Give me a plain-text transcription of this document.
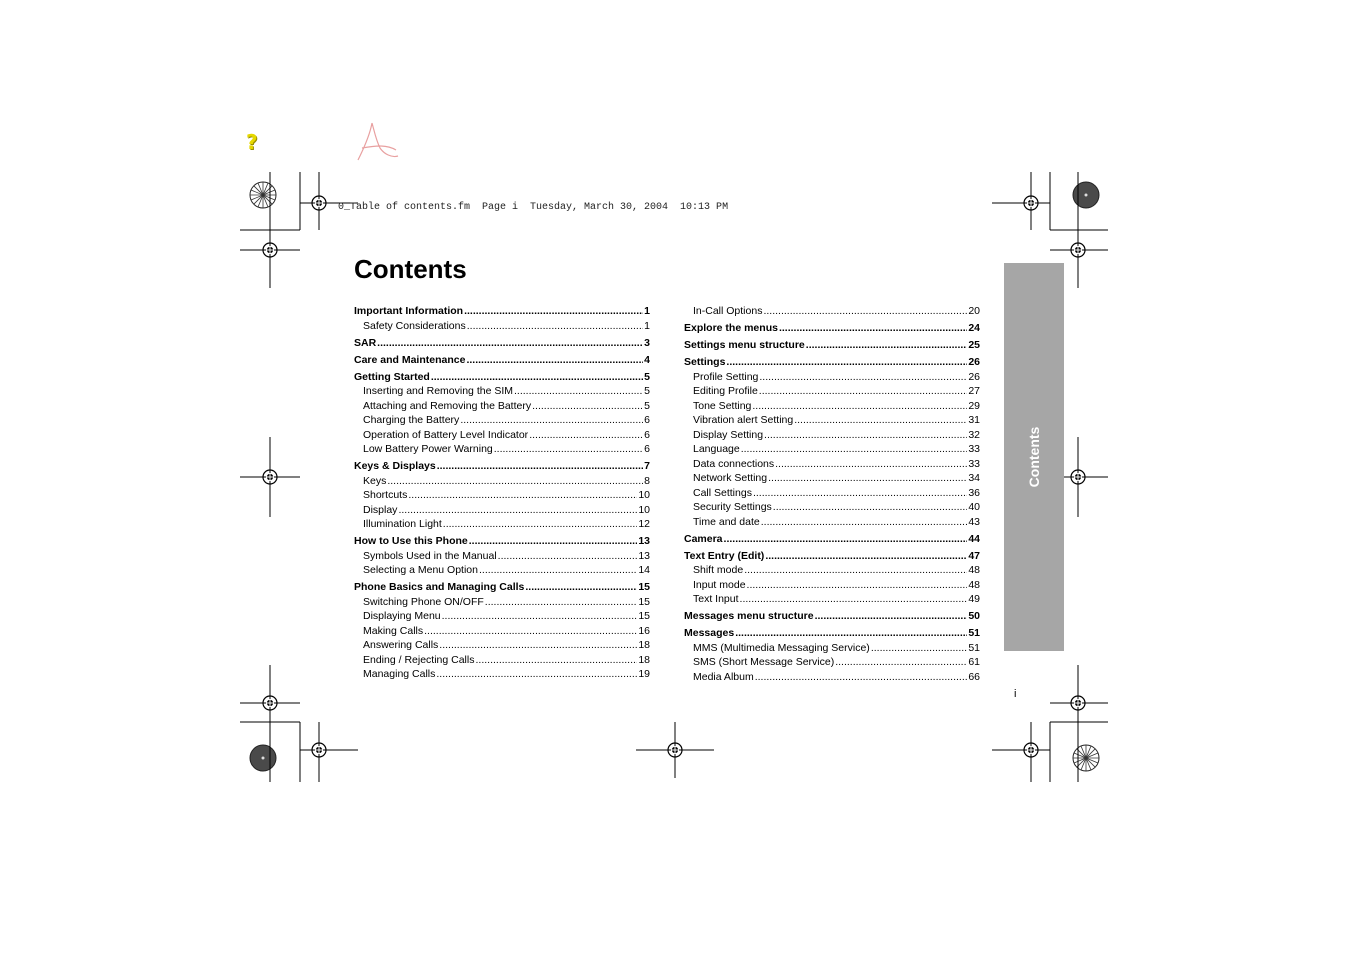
?
0_Table of contents.fm  Page i  Tuesday, March 30, 2004  10:13 PM
Contents
Important Information .....	1
Safety Considerations .....	1
SAR .....	3
Care and Maintenance .....	4
Getting Started .....	5
Inserting and Removing the SIM .....	5
Attaching and Removing the Battery .....	5
Charging the Battery .....	6
Operation of Battery Level Indicator .....	6
Low Battery Power Warning .....	6
Keys & Displays .....	7
Keys .....	8
Shortcuts .....	10
Display .....	10
Illumination Light .....	12
How to Use this Phone .....	13
Symbols Used in the Manual .....	13
Selecting a Menu Option .....	14
Phone Basics and Managing Calls .....	15
Switching Phone ON/OFF .....	15
Displaying Menu .....	15
Making Calls .....	16
Answering Calls .....	18
Ending / Rejecting Calls .....	18
Managing Calls .....	19
In-Call Options .....	20
Explore the menus .....	24
Settings menu structure .....	25
Settings .....	26
Profile Setting .....	26
Editing Profile .....	27
Tone Setting .....	29
Vibration alert Setting .....	31
Display Setting .....	32
Language .....	33
Data connections .....	33
Network Setting .....	34
Call Settings .....	36
Security Settings .....	40
Time and date .....	43
Camera .....	44
Text Entry (Edit) .....	47
Shift mode .....	48
Input mode .....	48
Text Input .....	49
Messages menu structure .....	50
Messages .....	51
MMS (Multimedia Messaging Service) .....	51
SMS (Short Message Service) .....	61
Media Album .....	66
Contents
i
